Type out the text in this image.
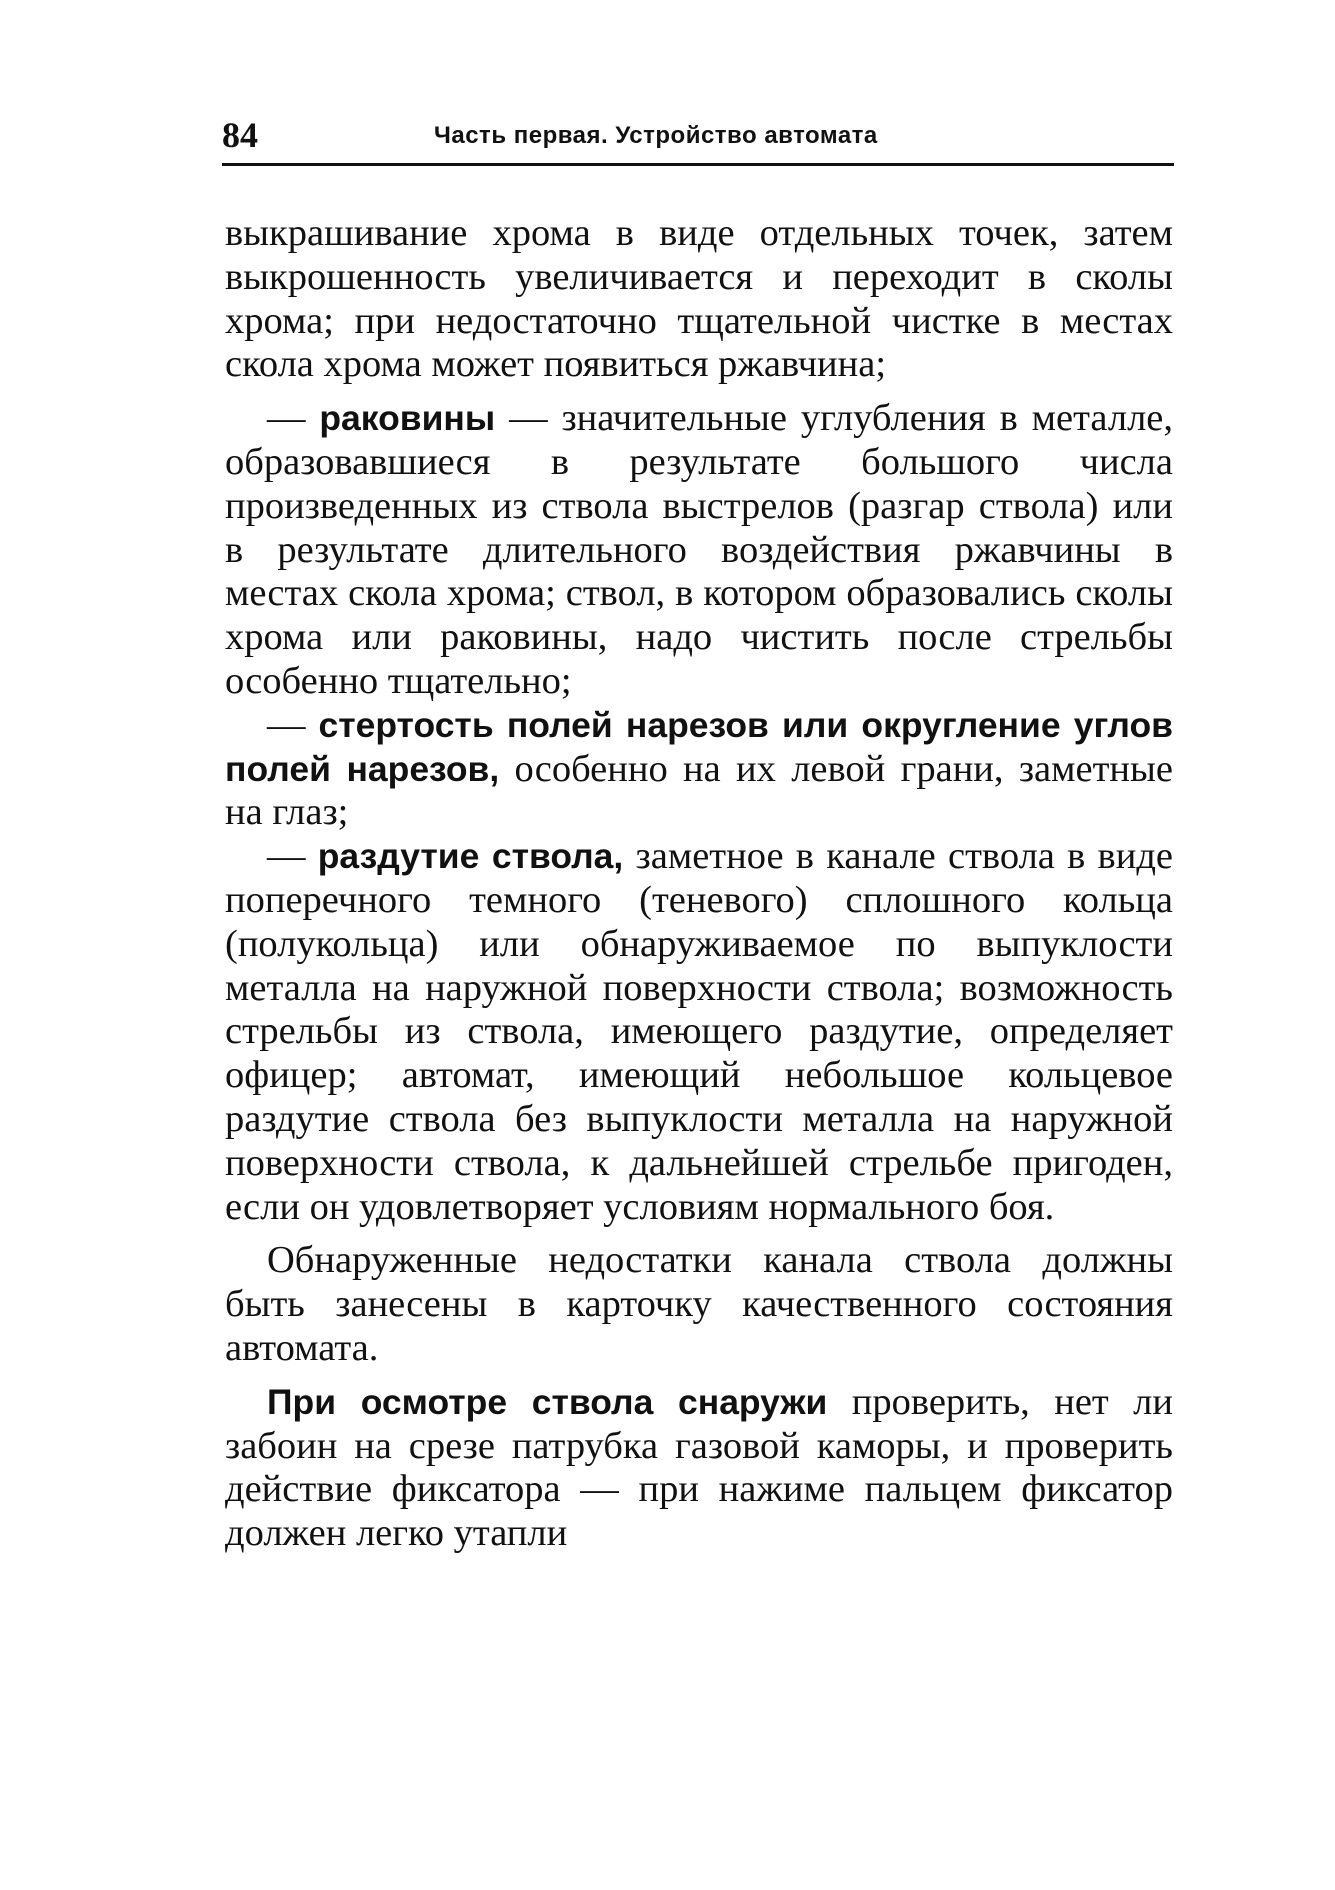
84	Часть первая. Устройство автомата

выкрашивание хрома в виде отдельных точек, затем выкрошенность увеличивается и переходит в сколы хрома; при недостаточно тщательной чистке в местах скола хрома может появиться ржавчина;

— раковины — значительные углубления в металле, образовавшиеся в результате большого числа произведенных из ствола выстрелов (разгар ствола) или в результате длительного воздействия ржавчины в местах скола хрома; ствол, в котором образовались сколы хрома или раковины, надо чистить после стрельбы особенно тщательно;

— стертость полей нарезов или округление углов полей нарезов, особенно на их левой грани, заметные на глаз;

— раздутие ствола, заметное в канале ствола в виде поперечного темного (теневого) сплошного кольца (полукольца) или обнаруживаемое по выпуклости металла на наружной поверхности ствола; возможность стрельбы из ствола, имеющего раздутие, определяет офицер; автомат, имеющий небольшое кольцевое раздутие ствола без выпуклости металла на наружной поверхности ствола, к дальнейшей стрельбе пригоден, если он удовлетворяет условиям нормального боя.

Обнаруженные недостатки канала ствола должны быть занесены в карточку качественного состояния автомата.

При осмотре ствола снаружи проверить, нет ли забоин на срезе патрубка газовой каморы, и проверить действие фиксатора — при нажиме пальцем фиксатор должен легко утапли
